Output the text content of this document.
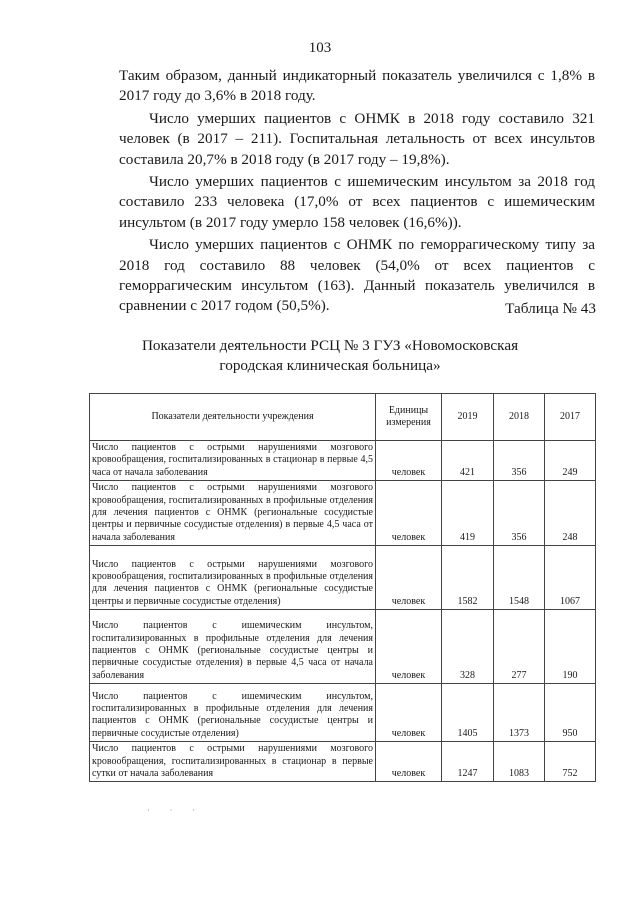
103

Таким образом, данный индикаторный показатель увеличился с 1,8% в 2017 году до 3,6% в 2018 году.

Число умерших пациентов с ОНМК в 2018 году составило 321 человек (в 2017 – 211). Госпитальная летальность от всех инсультов составила 20,7% в 2018 году (в 2017 году – 19,8%).

Число умерших пациентов с ишемическим инсультом за 2018 год составило 233 человека (17,0% от всех пациентов с ишемическим инсультом (в 2017 году умерло 158 человек (16,6%)).

Число умерших пациентов с ОНМК по геморрагическому типу за 2018 год составило 88 человек (54,0% от всех пациентов с геморрагическим инсультом (163). Данный показатель увеличился в сравнении с 2017 годом (50,5%).	Таблица № 43
Показатели деятельности РСЦ № 3 ГУЗ «Новомосковская
городская клиническая больница»
Показатели деятельности учреждения	Единицы измерения	2019	2018	2017
Число пациентов с острыми нарушениями мозгового кровообращения, госпитализированных в стационар в первые 4,5 часа от начала заболевания	человек	421	356	249
Число пациентов с острыми нарушениями мозгового кровообращения, госпитализированных в профильные отделения для лечения пациентов с ОНМК (региональные сосудистые центры и первичные сосудистые отделения) в первые 4,5 часа от начала заболевания	человек	419	356	248
Число пациентов с острыми нарушениями мозгового кровообращения, госпитализированных в профильные отделения для лечения пациентов с ОНМК (региональные сосудистые центры и первичные сосудистые отделения)	человек	1582	1548	1067
Число пациентов с ишемическим инсультом, госпитализированных в профильные отделения для лечения пациентов с ОНМК (региональные сосудистые центры и первичные сосудистые отделения) в первые 4,5 часа от начала заболевания	человек	328	277	190
Число пациентов с ишемическим инсультом, госпитализированных в профильные отделения для лечения пациентов с ОНМК (региональные сосудистые центры и первичные сосудистые отделения)	человек	1405	1373	950
Число пациентов с острыми нарушениями мозгового кровообращения, госпитализированных в стационар в первые сутки от начала заболевания	человек	1247	1083	752
· · ·
